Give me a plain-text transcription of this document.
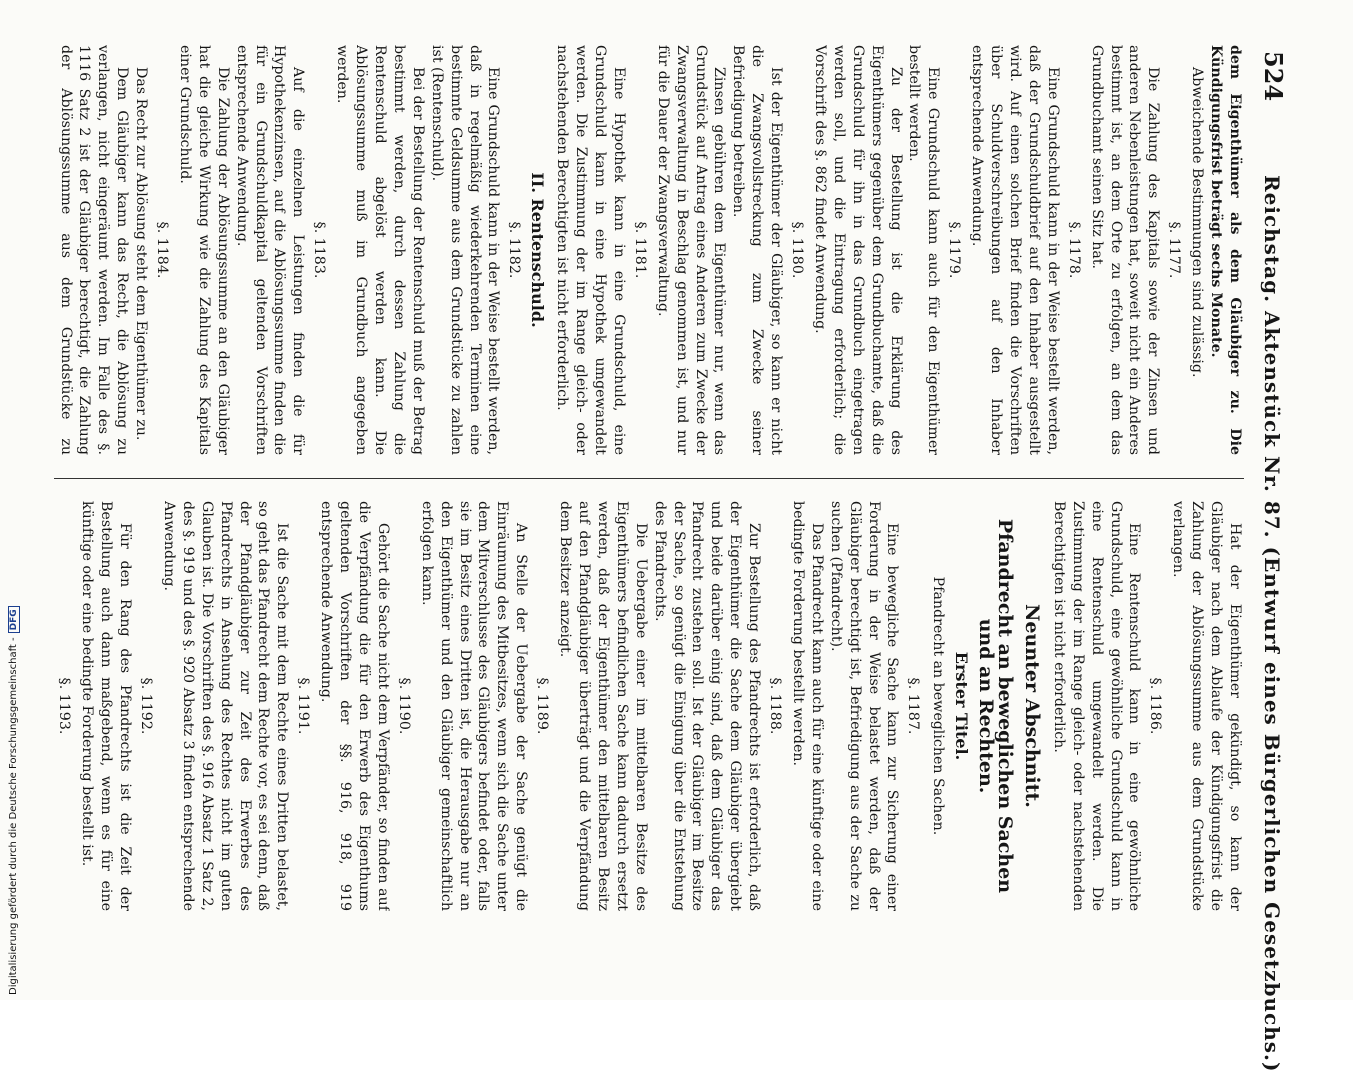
524
Reichstag. Aktenstück Nr. 87. (Entwurf eines Bürgerlichen Gesetzbuchs.)

dem Eigenthümer als dem Gläubiger zu. Die Kündigungsfrist beträgt sechs Monate.

Abweichende Bestimmungen sind zulässig.

§. 1177.

Die Zahlung des Kapitals sowie der Zinsen und anderen Nebenleistungen hat, soweit nicht ein Anderes bestimmt ist, an dem Orte zu erfolgen, an dem das Grundbuchamt seinen Sitz hat.

§. 1178.

Eine Grundschuld kann in der Weise bestellt werden, daß der Grundschuldbrief auf den Inhaber ausgestellt wird. Auf einen solchen Brief finden die Vorschriften über Schuldverschreibungen auf den Inhaber entsprechende Anwendung.

§. 1179.

Eine Grundschuld kann auch für den Eigenthümer bestellt werden.

Zu der Bestellung ist die Erklärung des Eigenthümers gegenüber dem Grundbuchamte, daß die Grundschuld für ihn in das Grundbuch eingetragen werden soll, und die Eintragung erforderlich; die Vorschrift des §. 862 findet Anwendung.

§. 1180.

Ist der Eigenthümer der Gläubiger, so kann er nicht die Zwangsvollstreckung zum Zwecke seiner Befriedigung betreiben.

Zinsen gebühren dem Eigenthümer nur, wenn das Grundstück auf Antrag eines Anderen zum Zwecke der Zwangsverwaltung in Beschlag genommen ist, und nur für die Dauer der Zwangsverwaltung.

§. 1181.

Eine Hypothek kann in eine Grundschuld, eine Grundschuld kann in eine Hypothek umgewandelt werden. Die Zustimmung der im Range gleich- oder nachstehenden Berechtigten ist nicht erforderlich.

II. Rentenschuld.
§. 1182.

Eine Grundschuld kann in der Weise bestellt werden, daß in regelmäßig wiederkehrenden Terminen eine bestimmte Geldsumme aus dem Grundstücke zu zahlen ist (Rentenschuld).

Bei der Bestellung der Rentenschuld muß der Betrag bestimmt werden, durch dessen Zahlung die Rentenschuld abgelöst werden kann. Die Ablösungssumme muß im Grundbuch angegeben werden.

§. 1183.

Auf die einzelnen Leistungen finden die für Hypothekenzinsen, auf die Ablösungssumme finden die für ein Grundschuldkapital geltenden Vorschriften entsprechende Anwendung.

Die Zahlung der Ablösungssumme an den Gläubiger hat die gleiche Wirkung wie die Zahlung des Kapitals einer Grundschuld.

§. 1184.

Das Recht zur Ablösung steht dem Eigenthümer zu.

Dem Gläubiger kann das Recht, die Ablösung zu verlangen, nicht eingeräumt werden. Im Falle des §. 1116 Satz 2 ist der Gläubiger berechtigt, die Zahlung der Ablösungssumme aus dem Grundstücke zu

Hat der Eigenthümer gekündigt, so kann der Gläubiger nach dem Ablaufe der Kündigungsfrist die Zahlung der Ablösungssumme aus dem Grundstücke verlangen.

§. 1186.

Eine Rentenschuld kann in eine gewöhnliche Grundschuld, eine gewöhnliche Grundschuld kann in eine Rentenschuld umgewandelt werden. Die Zustimmung der im Range gleich- oder nachstehenden Berechtigten ist nicht erforderlich.

Neunter Abschnitt.
Pfandrecht an beweglichen Sachen und an Rechten.
Erster Titel.
Pfandrecht an beweglichen Sachen.
§. 1187.

Eine bewegliche Sache kann zur Sicherung einer Forderung in der Weise belastet werden, daß der Gläubiger berechtigt ist, Befriedigung aus der Sache zu suchen (Pfandrecht).

Das Pfandrecht kann auch für eine künftige oder eine bedingte Forderung bestellt werden.

§. 1188.

Zur Bestellung des Pfandrechts ist erforderlich, daß der Eigenthümer die Sache dem Gläubiger übergiebt und beide darüber einig sind, daß dem Gläubiger das Pfandrecht zustehen soll. Ist der Gläubiger im Besitze der Sache, so genügt die Einigung über die Entstehung des Pfandrechts.

Die Uebergabe einer im mittelbaren Besitze des Eigenthümers befindlichen Sache kann dadurch ersetzt werden, daß der Eigenthümer den mittelbaren Besitz auf den Pfandgläubiger überträgt und die Verpfändung dem Besitzer anzeigt.

§. 1189.

An Stelle der Uebergabe der Sache genügt die Einräumung des Mitbesitzes, wenn sich die Sache unter dem Mitverschlusse des Gläubigers befindet oder, falls sie im Besitz eines Dritten ist, die Herausgabe nur an den Eigenthümer und den Gläubiger gemeinschaftlich erfolgen kann.

§. 1190.

Gehört die Sache nicht dem Verpfänder, so finden auf die Verpfändung die für den Erwerb des Eigenthums geltenden Vorschriften der §§. 916, 918, 919 entsprechende Anwendung.

§. 1191.

Ist die Sache mit dem Rechte eines Dritten belastet, so geht das Pfandrecht dem Rechte vor, es sei denn, daß der Pfandgläubiger zur Zeit des Erwerbes des Pfandrechts in Ansehung des Rechtes nicht im guten Glauben ist. Die Vorschriften des §. 916 Absatz 1 Satz 2, des §. 919 und des §. 920 Absatz 3 finden entsprechende Anwendung.

§. 1192.

Für den Rang des Pfandrechts ist die Zeit der Bestellung auch dann maßgebend, wenn es für eine künftige oder eine bedingte Forderung bestellt ist.

§. 1193.

Digitalisierung gefördert durch die Deutsche Forschungsgemeinschaft -DFG
